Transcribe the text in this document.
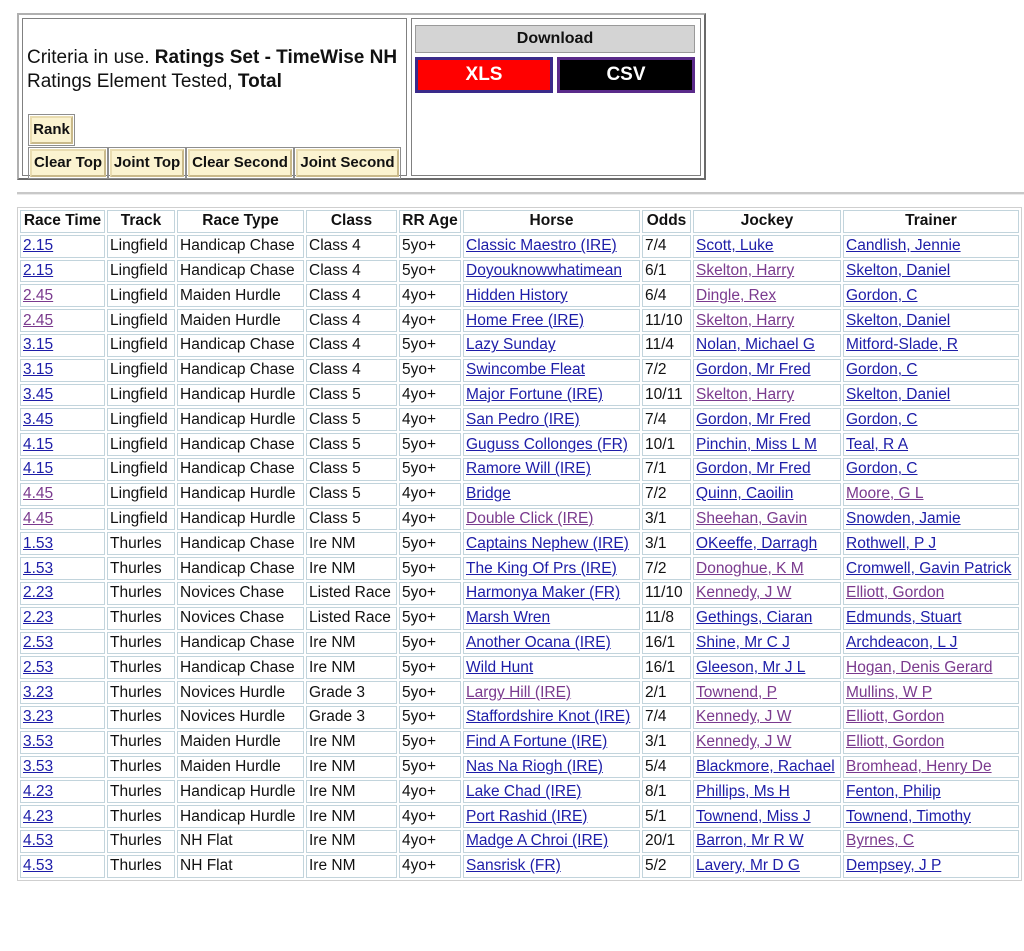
Criteria in use. Ratings Set - TimeWise NH
Ratings Element Tested, Total
Rank
Clear Top Joint Top Clear Second Joint Second
Download
XLS	CSV
Race Time	Track	Race Type	Class	RR Age	Horse	Odds	Jockey	Trainer
2.15	Lingfield	Handicap Chase	Class 4	5yo+	Classic Maestro (IRE)	7/4	Scott, Luke	Candlish, Jennie
2.15	Lingfield	Handicap Chase	Class 4	5yo+	Doyouknowwhatimean	6/1	Skelton, Harry	Skelton, Daniel
2.45	Lingfield	Maiden Hurdle	Class 4	4yo+	Hidden History	6/4	Dingle, Rex	Gordon, C
2.45	Lingfield	Maiden Hurdle	Class 4	4yo+	Home Free (IRE)	11/10	Skelton, Harry	Skelton, Daniel
3.15	Lingfield	Handicap Chase	Class 4	5yo+	Lazy Sunday	11/4	Nolan, Michael G	Mitford-Slade, R
3.15	Lingfield	Handicap Chase	Class 4	5yo+	Swincombe Fleat	7/2	Gordon, Mr Fred	Gordon, C
3.45	Lingfield	Handicap Hurdle	Class 5	4yo+	Major Fortune (IRE)	10/11	Skelton, Harry	Skelton, Daniel
3.45	Lingfield	Handicap Hurdle	Class 5	4yo+	San Pedro (IRE)	7/4	Gordon, Mr Fred	Gordon, C
4.15	Lingfield	Handicap Chase	Class 5	5yo+	Guguss Collonges (FR)	10/1	Pinchin, Miss L M	Teal, R A
4.15	Lingfield	Handicap Chase	Class 5	5yo+	Ramore Will (IRE)	7/1	Gordon, Mr Fred	Gordon, C
4.45	Lingfield	Handicap Hurdle	Class 5	4yo+	Bridge	7/2	Quinn, Caoilin	Moore, G L
4.45	Lingfield	Handicap Hurdle	Class 5	4yo+	Double Click (IRE)	3/1	Sheehan, Gavin	Snowden, Jamie
1.53	Thurles	Handicap Chase	Ire NM	5yo+	Captains Nephew (IRE)	3/1	OKeeffe, Darragh	Rothwell, P J
1.53	Thurles	Handicap Chase	Ire NM	5yo+	The King Of Prs (IRE)	7/2	Donoghue, K M	Cromwell, Gavin Patrick
2.23	Thurles	Novices Chase	Listed Race	5yo+	Harmonya Maker (FR)	11/10	Kennedy, J W	Elliott, Gordon
2.23	Thurles	Novices Chase	Listed Race	5yo+	Marsh Wren	11/8	Gethings, Ciaran	Edmunds, Stuart
2.53	Thurles	Handicap Chase	Ire NM	5yo+	Another Ocana (IRE)	16/1	Shine, Mr C J	Archdeacon, L J
2.53	Thurles	Handicap Chase	Ire NM	5yo+	Wild Hunt	16/1	Gleeson, Mr J L	Hogan, Denis Gerard
3.23	Thurles	Novices Hurdle	Grade 3	5yo+	Largy Hill (IRE)	2/1	Townend, P	Mullins, W P
3.23	Thurles	Novices Hurdle	Grade 3	5yo+	Staffordshire Knot (IRE)	7/4	Kennedy, J W	Elliott, Gordon
3.53	Thurles	Maiden Hurdle	Ire NM	5yo+	Find A Fortune (IRE)	3/1	Kennedy, J W	Elliott, Gordon
3.53	Thurles	Maiden Hurdle	Ire NM	5yo+	Nas Na Riogh (IRE)	5/4	Blackmore, Rachael	Bromhead, Henry De
4.23	Thurles	Handicap Hurdle	Ire NM	4yo+	Lake Chad (IRE)	8/1	Phillips, Ms H	Fenton, Philip
4.23	Thurles	Handicap Hurdle	Ire NM	4yo+	Port Rashid (IRE)	5/1	Townend, Miss J	Townend, Timothy
4.53	Thurles	NH Flat	Ire NM	4yo+	Madge A Chroi (IRE)	20/1	Barron, Mr R W	Byrnes, C
4.53	Thurles	NH Flat	Ire NM	4yo+	Sansrisk (FR)	5/2	Lavery, Mr D G	Dempsey, J P
